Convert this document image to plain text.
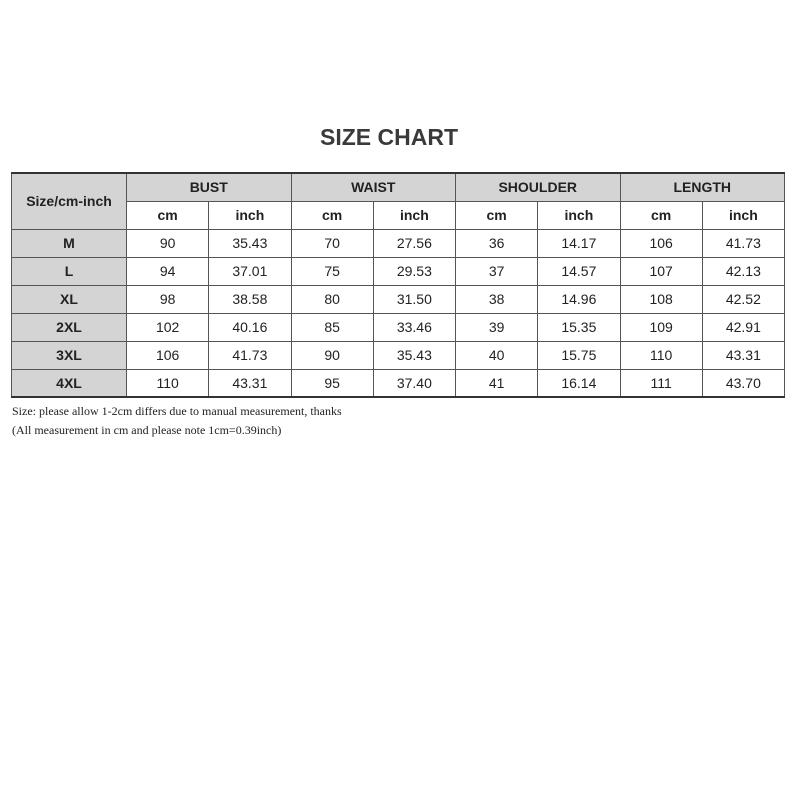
SIZE CHART
Size/cm-inch	BUST		WAIST		SHOULDER		LENGTH	
	cm	inch	cm	inch	cm	inch	cm	inch
M	90	35.43	70	27.56	36	14.17	106	41.73
L	94	37.01	75	29.53	37	14.57	107	42.13
XL	98	38.58	80	31.50	38	14.96	108	42.52
2XL	102	40.16	85	33.46	39	15.35	109	42.91
3XL	106	41.73	90	35.43	40	15.75	110	43.31
4XL	110	43.31	95	37.40	41	16.14	111	43.70
Size: please allow 1-2cm differs due to manual measurement, thanks
(All measurement in cm and please note 1cm=0.39inch)
